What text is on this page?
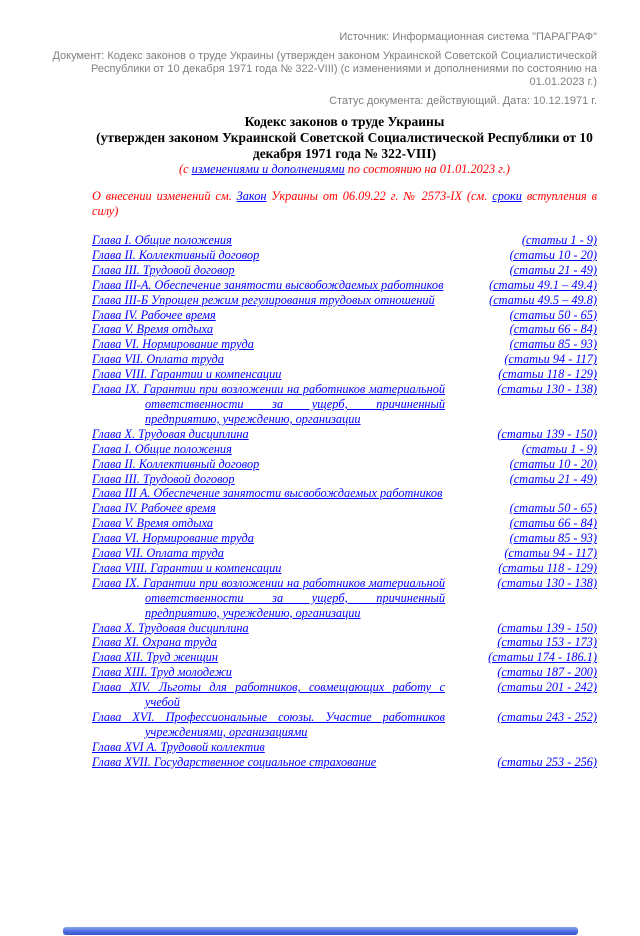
Источник: Информационная система "ПАРАГРАФ"

Документ: Кодекс законов о труде Украины (утвержден законом Украинской Советской Социалистической Республики от 10 декабря 1971 года № 322-VIII) (с изменениями и дополнениями по состоянию на 01.01.2023 г.)

Статус документа: действующий. Дата: 10.12.1971 г.

Кодекс законов о труде Украины
(утвержден законом Украинской Советской Социалистической Республики от 10 декабря 1971 года № 322-VIII)
(с изменениями и дополнениями по состоянию на 01.01.2023 г.)
О внесении изменений см. Закон Украины от 06.09.22 г. № 2573-IX (см. сроки вступления в силу)
Глава I. Общие положения	(статьи 1 - 9)
Глава II. Коллективный договор	(статьи 10 - 20)
Глава III. Трудовой договор	(статьи 21 - 49)
Глава III-А. Обеспечение занятости высвобождаемых работников	(статьи 49.1 – 49.4)
Глава III-Б Упрощен режим регулирования трудовых отношений	(статьи 49.5 – 49.8)
Глава IV. Рабочее время	(статьи 50 - 65)
Глава V. Время отдыха	(статьи 66 - 84)
Глава VI. Нормирование труда	(статьи 85 - 93)
Глава VII. Оплата труда	(статьи 94 - 117)
Глава VIII. Гарантии и компенсации	(статьи 118 - 129)
Глава IX. Гарантии при возложении на работников материальной ответственности за ущерб, причиненный предприятию, учреждению, организации
(статьи 130 - 138)
Глава X. Трудовая дисциплина	(статьи 139 - 150)
Глава I. Общие положения	(статьи 1 - 9)
Глава II. Коллективный договор	(статьи 10 - 20)
Глава III. Трудовой договор	(статьи 21 - 49)
Глава III А. Обеспечение занятости высвобождаемых работников
Глава IV. Рабочее время	(статьи 50 - 65)
Глава V. Время отдыха	(статьи 66 - 84)
Глава VI. Нормирование труда	(статьи 85 - 93)
Глава VII. Оплата труда	(статьи 94 - 117)
Глава VIII. Гарантии и компенсации	(статьи 118 - 129)
Глава IX. Гарантии при возложении на работников материальной ответственности за ущерб, причиненный предприятию, учреждению, организации
(статьи 130 - 138)
Глава X. Трудовая дисциплина	(статьи 139 - 150)
Глава XI. Охрана труда	(статьи 153 - 173)
Глава XII. Труд женщин	(статьи 174 - 186.1)
Глава XIII. Труд молодежи	(статьи 187 - 200)
Глава XIV. Льготы для работников, совмещающих работу с учебой
(статьи 201 - 242)
Глава XVI. Профессиональные союзы. Участие работников учреждениями, организациями
(статьи 243 - 252)
Глава XVI А. Трудовой коллектив
Глава XVII. Государственное социальное страхование	(статьи 253 - 256)
